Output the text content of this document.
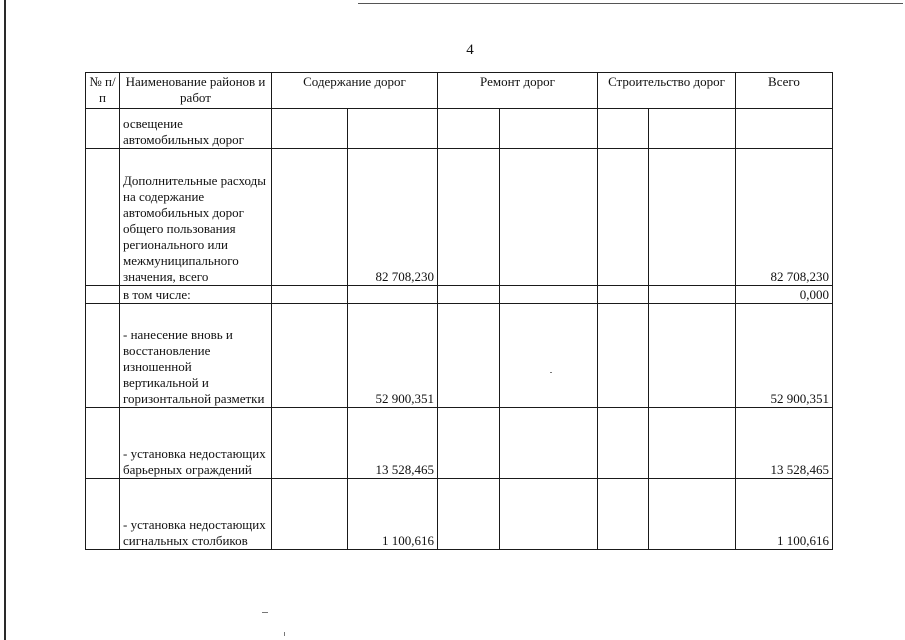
4
№ п/п	Наименование районов и работ	Содержание дорог		Ремонт дорог		Строительство дорог		Всего
	освещение автомобильных дорог							
	Дополнительные расходы на содержание автомобильных дорог общего пользования регионального или межмуниципального значения, всего		82 708,230					82 708,230
	в том числе:							0,000
	- нанесение вновь и восстановление изношенной вертикальной и горизонтальной разметки		52 900,351					52 900,351
	- установка недостающих барьерных ограждений		13 528,465					13 528,465
	- установка недостающих сигнальных столбиков		1 100,616					1 100,616
